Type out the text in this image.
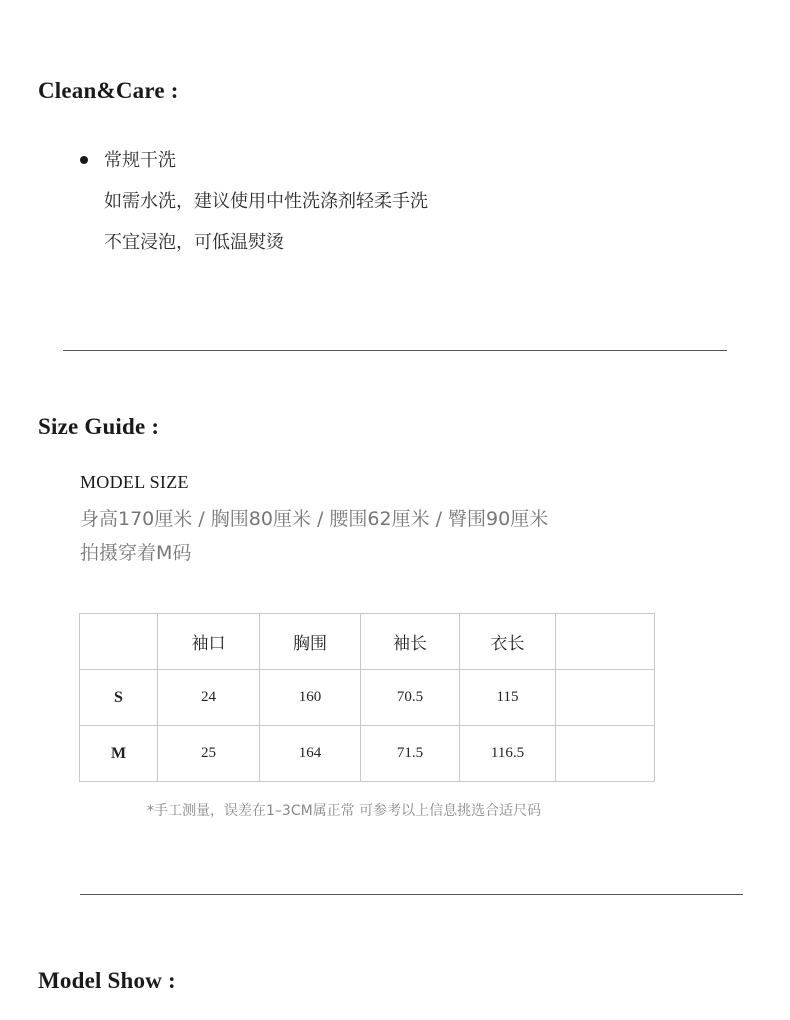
Clean&Care :
常规干洗
如需水洗，建议使用中性洗涤剂轻柔手洗
不宜浸泡，可低温熨烫
Size Guide :
MODEL SIZE
身高170厘米 / 胸围80厘米 / 腰围62厘米 / 臀围90厘米
拍摄穿着M码
	袖口	胸围	袖长	衣长	
S	24	160	70.5	115	
M	25	164	71.5	116.5	
*手工测量，误差在1–3CM属正常 可参考以上信息挑选合适尺码
Model Show :
